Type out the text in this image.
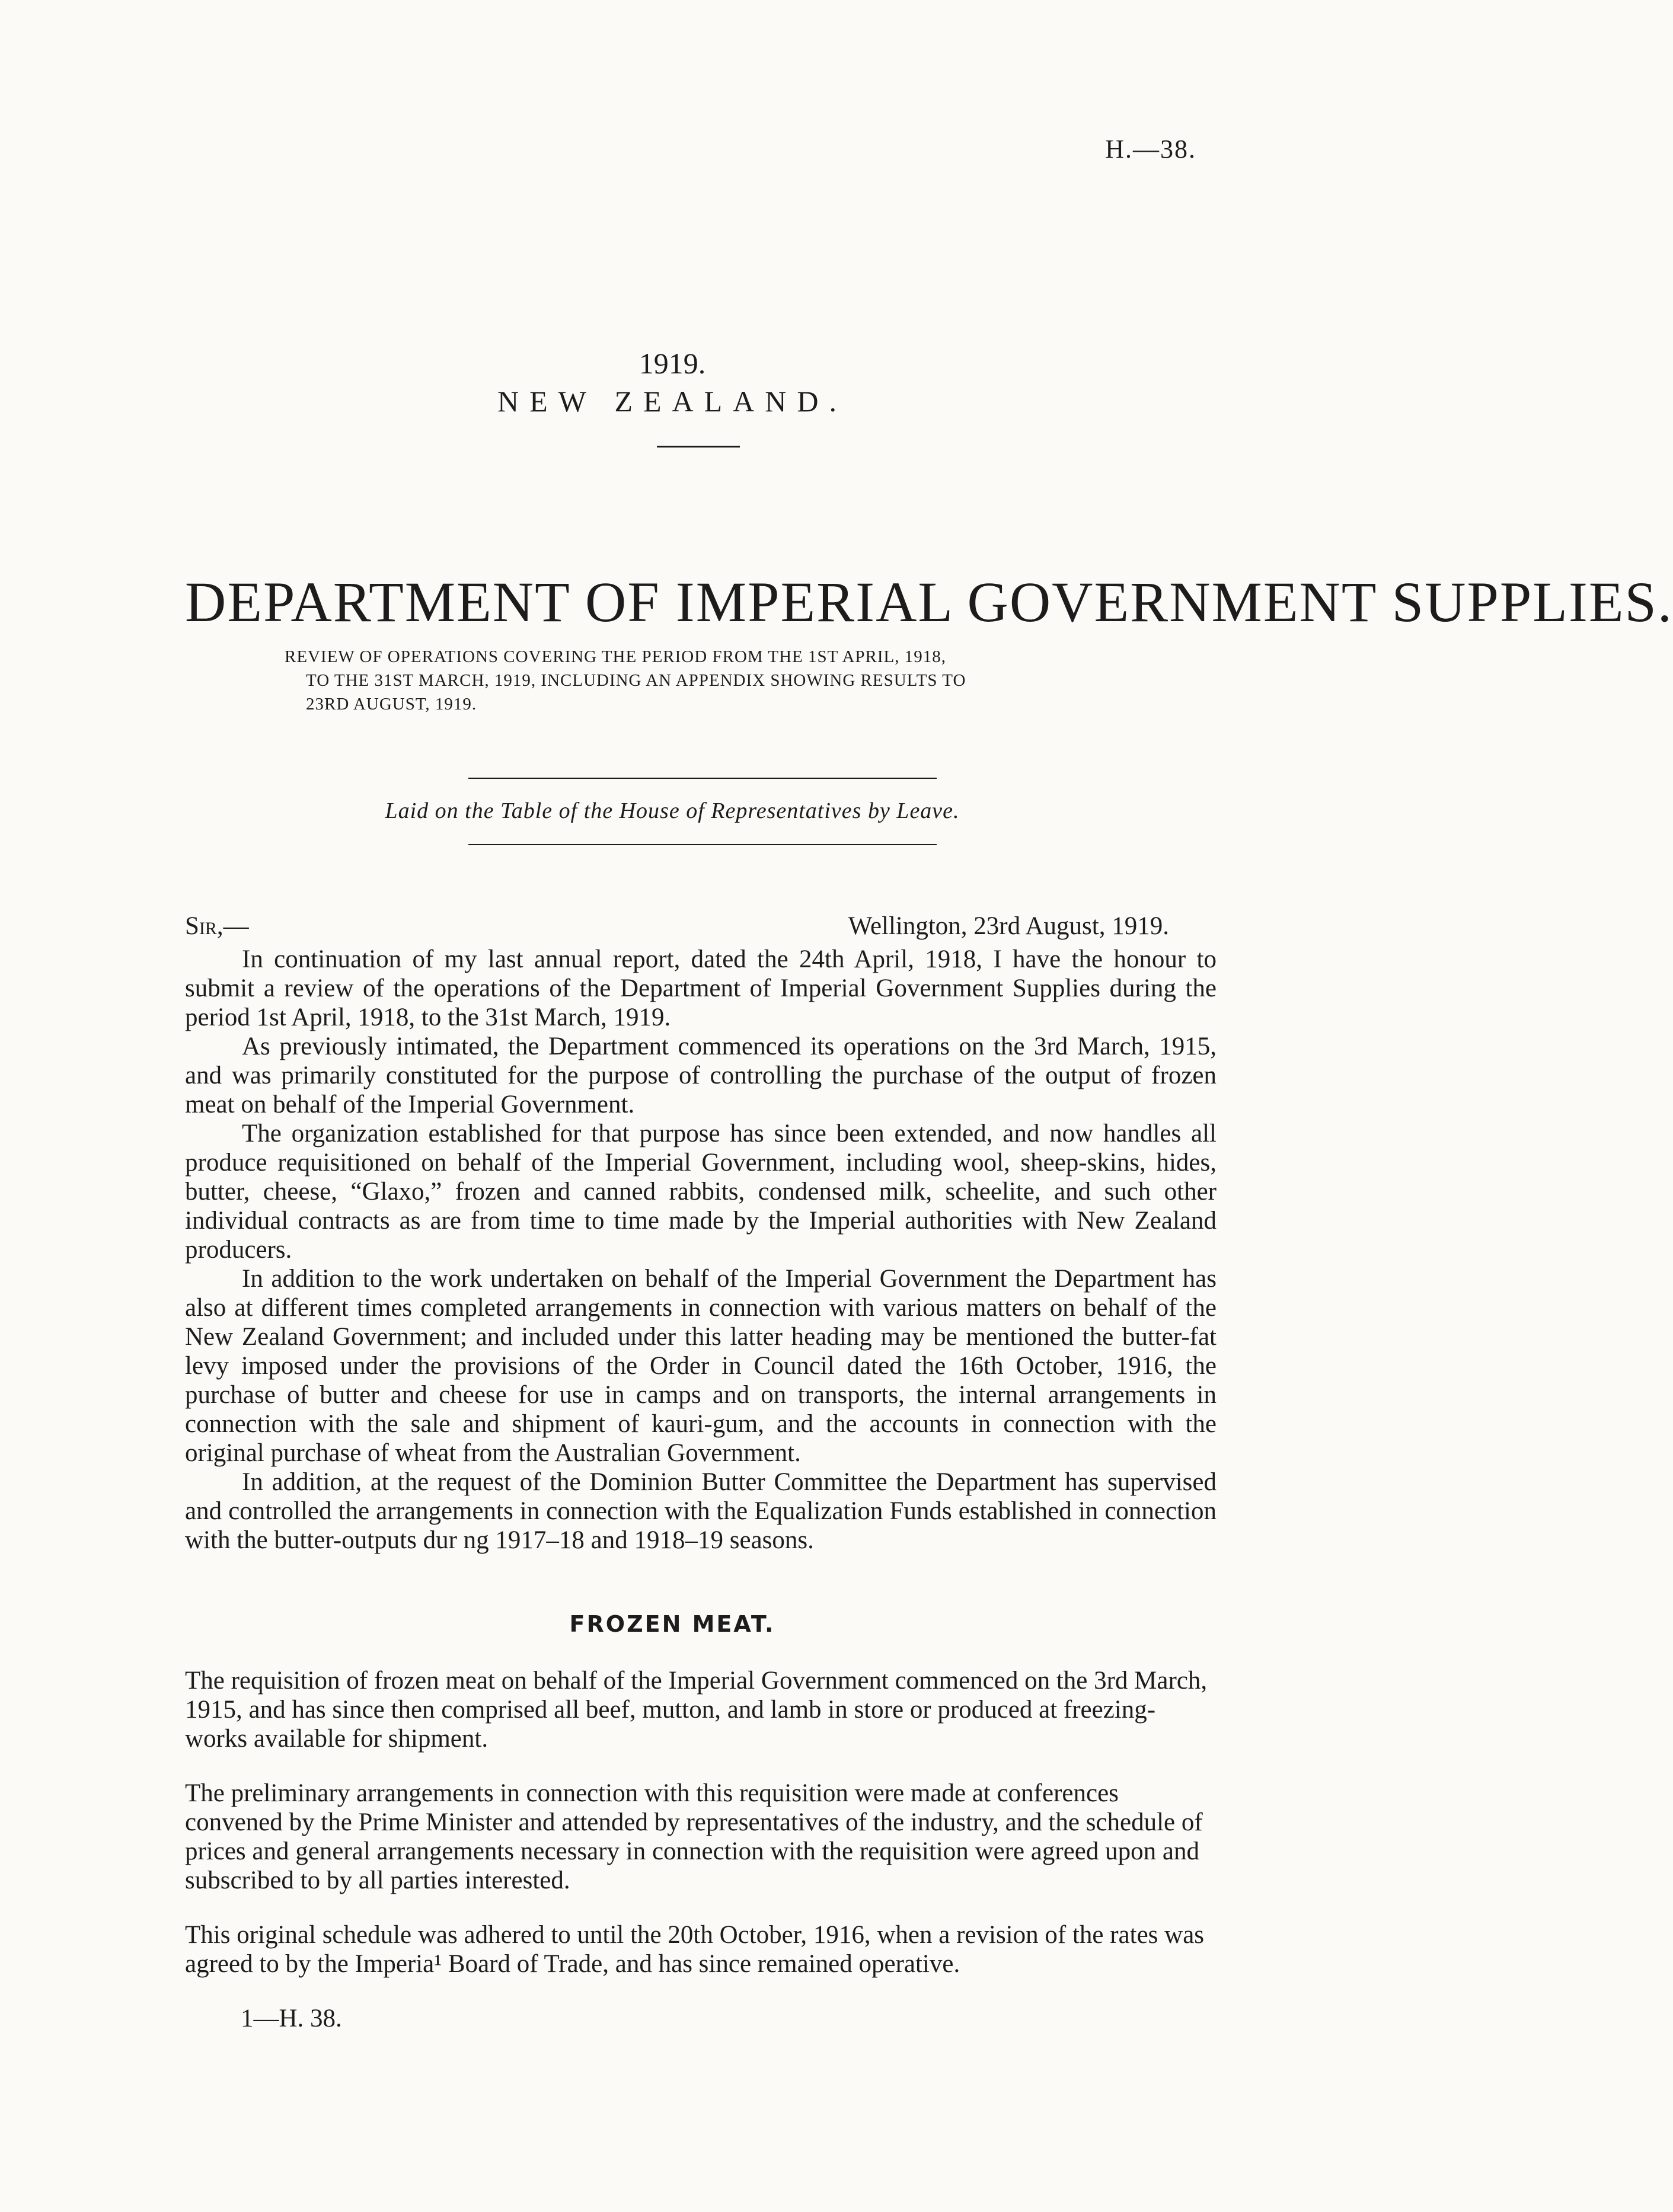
H.—38.
1919.
NEW ZEALAND.
DEPARTMENT OF IMPERIAL GOVERNMENT SUPPLIES.
REVIEW OF OPERATIONS COVERING THE PERIOD FROM THE 1ST APRIL, 1918,
TO THE 31ST MARCH, 1919, INCLUDING AN APPENDIX SHOWING RESULTS TO
23RD AUGUST, 1919.
Laid on the Table of the House of Representatives by Leave.
Sir,—	Wellington, 23rd August, 1919.

In continuation of my last annual report, dated the 24th April, 1918, I have the honour to submit a review of the operations of the Department of Imperial Government Supplies during the period 1st April, 1918, to the 31st March, 1919.

As previously intimated, the Department commenced its operations on the 3rd March, 1915, and was primarily constituted for the purpose of controlling the purchase of the output of frozen meat on behalf of the Imperial Government.

The organization established for that purpose has since been extended, and now handles all produce requisitioned on behalf of the Imperial Government, including wool, sheep-skins, hides, butter, cheese, “Glaxo,” frozen and canned rabbits, condensed milk, scheelite, and such other individual contracts as are from time to time made by the Imperial authorities with New Zealand producers.

In addition to the work undertaken on behalf of the Imperial Government the Department has also at different times completed arrangements in connection with various matters on behalf of the New Zealand Government; and included under this latter heading may be mentioned the butter-fat levy imposed under the provisions of the Order in Council dated the 16th October, 1916, the purchase of butter and cheese for use in camps and on transports, the internal arrangements in connection with the sale and shipment of kauri-gum, and the accounts in connection with the original purchase of wheat from the Australian Government.

In addition, at the request of the Dominion Butter Committee the Department has supervised and controlled the arrangements in connection with the Equalization Funds established in connection with the butter-outputs dur ng 1917–18 and 1918–19 seasons.

FROZEN MEAT.

The requisition of frozen meat on behalf of the Imperial Government commenced on the 3rd March, 1915, and has since then comprised all beef, mutton, and lamb in store or produced at freezing-works available for shipment.

The preliminary arrangements in connection with this requisition were made at conferences convened by the Prime Minister and attended by representatives of the industry, and the schedule of prices and general arrangements necessary in connection with the requisition were agreed upon and subscribed to by all parties interested.

This original schedule was adhered to until the 20th October, 1916, when a revision of the rates was agreed to by the Imperia¹ Board of Trade, and has since remained operative.

1—H. 38.
